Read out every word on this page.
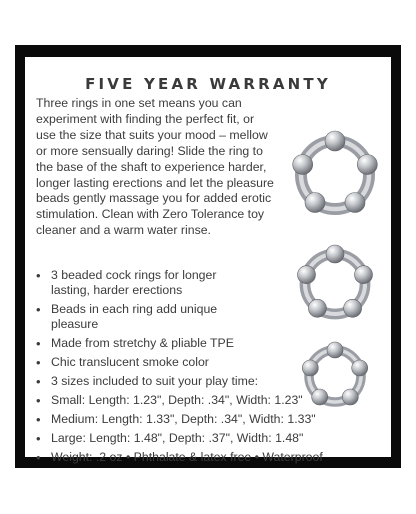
FIVE YEAR WARRANTY

Three rings in one set means you can experiment with finding the perfect fit, or use the size that suits your mood – mellow or more sensually daring! Slide the ring to the base of the shaft to experience harder, longer lasting erections and let the pleasure beads gently massage you for added erotic stimulation. Clean with Zero Tolerance toy cleaner and a warm water rinse.

• 3 beaded cock rings for longer lasting, harder erections
• Beads in each ring add unique pleasure
• Made from stretchy & pliable TPE
• Chic translucent smoke color
• 3 sizes included to suit your play time:
• Small: Length: 1.23", Depth: .34", Width: 1.23"
• Medium: Length: 1.33", Depth: .34", Width: 1.33"
• Large: Length: 1.48", Depth: .37", Width: 1.48"
• Weight: .2 oz • Phthalate & latex free • Waterproof
